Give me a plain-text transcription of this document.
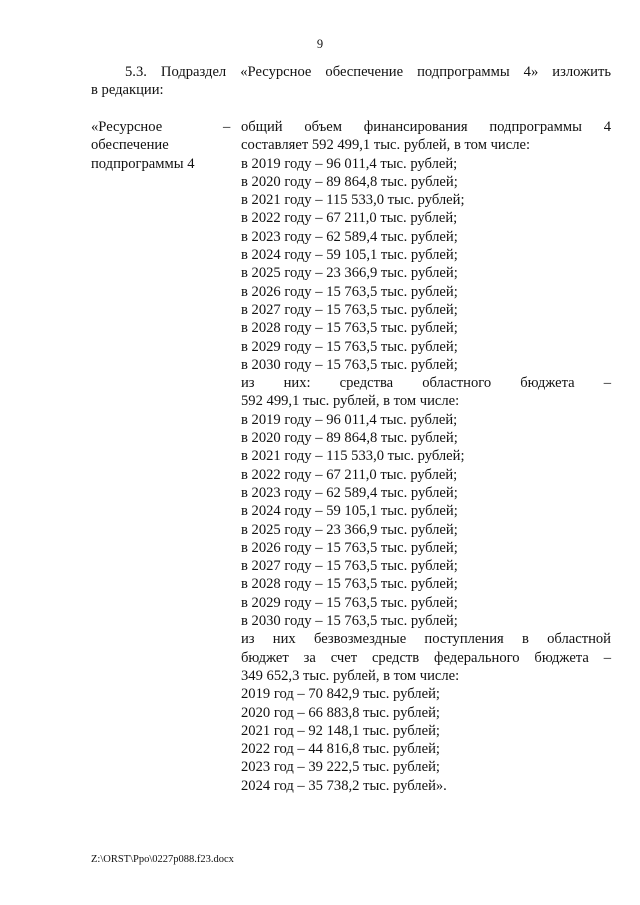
9
5.3. Подраздел «Ресурсное обеспечение подпрограммы 4» изложить
в редакции:
«Ресурсное
обеспечение
подпрограммы 4
– общий объем финансирования подпрограммы 4
составляет 592 499,1 тыс. рублей, в том числе:
в 2019 году – 96 011,4 тыс. рублей;
в 2020 году – 89 864,8 тыс. рублей;
в 2021 году – 115 533,0 тыс. рублей;
в 2022 году – 67 211,0 тыс. рублей;
в 2023 году – 62 589,4 тыс. рублей;
в 2024 году – 59 105,1 тыс. рублей;
в 2025 году – 23 366,9 тыс. рублей;
в 2026 году – 15 763,5 тыс. рублей;
в 2027 году – 15 763,5 тыс. рублей;
в 2028 году – 15 763,5 тыс. рублей;
в 2029 году – 15 763,5 тыс. рублей;
в 2030 году – 15 763,5 тыс. рублей;
из них: средства областного бюджета –
592 499,1 тыс. рублей, в том числе:
в 2019 году – 96 011,4 тыс. рублей;
в 2020 году – 89 864,8 тыс. рублей;
в 2021 году – 115 533,0 тыс. рублей;
в 2022 году – 67 211,0 тыс. рублей;
в 2023 году – 62 589,4 тыс. рублей;
в 2024 году – 59 105,1 тыс. рублей;
в 2025 году – 23 366,9 тыс. рублей;
в 2026 году – 15 763,5 тыс. рублей;
в 2027 году – 15 763,5 тыс. рублей;
в 2028 году – 15 763,5 тыс. рублей;
в 2029 году – 15 763,5 тыс. рублей;
в 2030 году – 15 763,5 тыс. рублей;
из них безвозмездные поступления в областной
бюджет за счет средств федерального бюджета –
349 652,3 тыс. рублей, в том числе:
2019 год – 70 842,9 тыс. рублей;
2020 год – 66 883,8 тыс. рублей;
2021 год – 92 148,1 тыс. рублей;
2022 год – 44 816,8 тыс. рублей;
2023 год – 39 222,5 тыс. рублей;
2024 год – 35 738,2 тыс. рублей».
Z:\ORST\Ppo\0227p088.f23.docx
